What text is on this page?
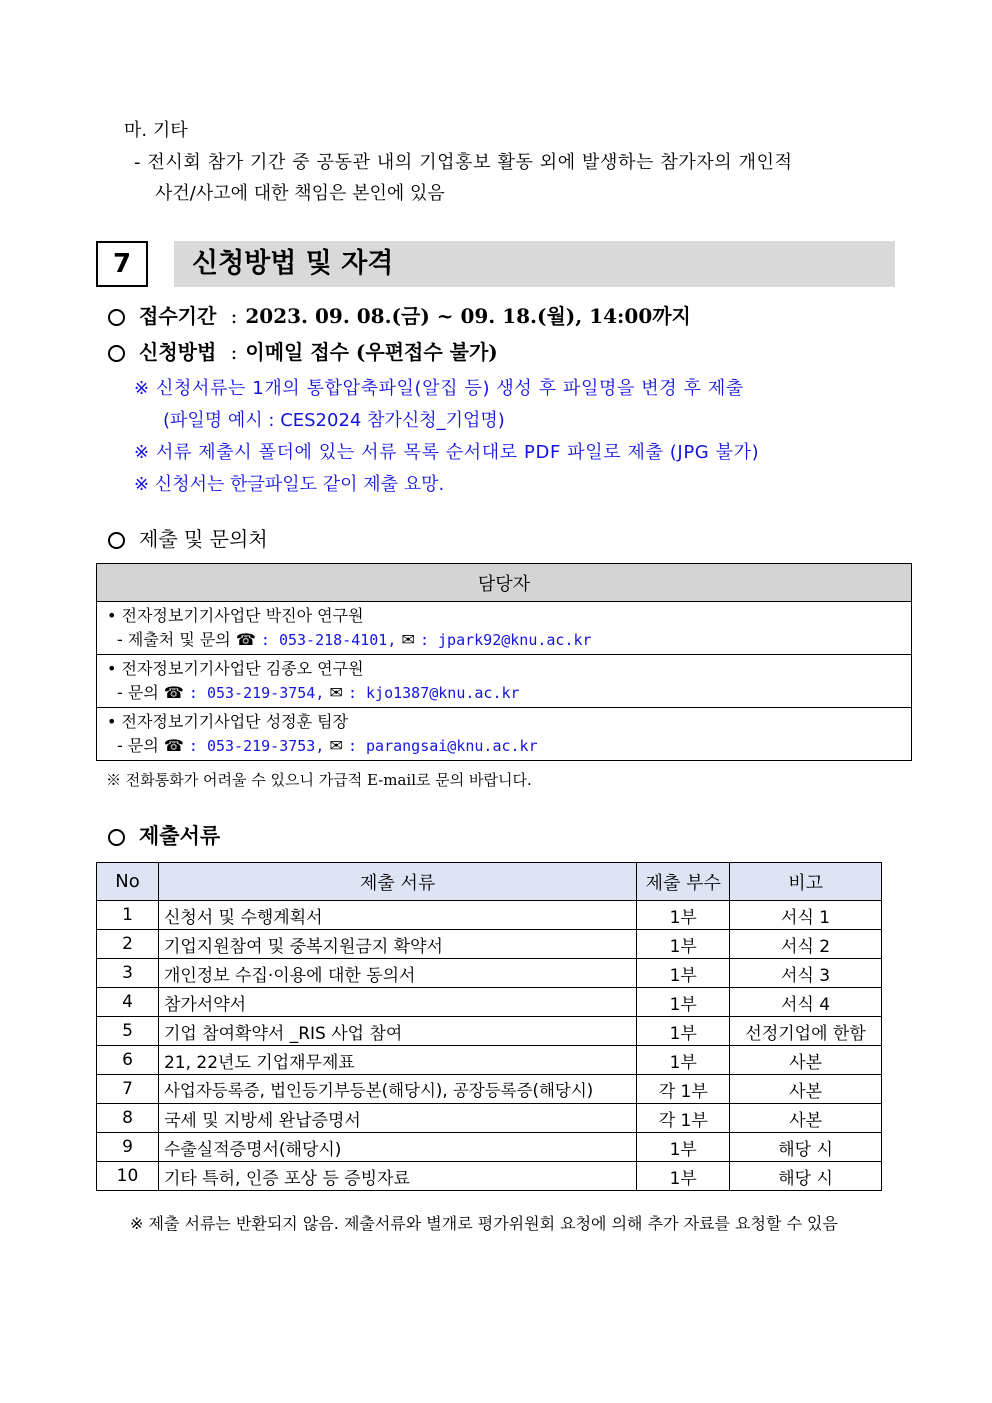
마. 기타
- 전시회 참가 기간 중 공동관 내의 기업홍보 활동 외에 발생하는 참가자의 개인적
사건/사고에 대한 책임은 본인에 있음
7	신청방법 및 자격
접수기간 : 2023. 09. 08.(금) ~ 09. 18.(월), 14:00까지
신청방법 : 이메일 접수 (우편접수 불가)
※ 신청서류는 1개의 통합압축파일(알집 등) 생성 후 파일명을 변경 후 제출
(파일명 예시 : CES2024 참가신청_기업명)
※ 서류 제출시 폴더에 있는 서류 목록 순서대로 PDF 파일로 제출 (JPG 불가)
※ 신청서는 한글파일도 같이 제출 요망.
제출 및 문의처
담당자

• 전자정보기기사업단 박진아 연구원
- 제출처 및 문의 ☎ : 053-218-4101, ✉ : jpark92@knu.ac.kr

• 전자정보기기사업단 김종오 연구원
- 문의 ☎ : 053-219-3754, ✉ : kjo1387@knu.ac.kr

• 전자정보기기사업단 성정훈 팀장
- 문의 ☎ : 053-219-3753, ✉ : parangsai@knu.ac.kr
※ 전화통화가 어려울 수 있으니 가급적 E-mail로 문의 바랍니다.
제출서류
No	제출 서류	제출 부수	비고
1	신청서 및 수행계획서	1부	서식 1
2	기업지원참여 및 중복지원금지 확약서	1부	서식 2
3	개인정보 수집·이용에 대한 동의서	1부	서식 3
4	참가서약서	1부	서식 4
5	기업 참여확약서 _RIS 사업 참여	1부	선정기업에 한함
6	21, 22년도 기업재무제표	1부	사본
7	사업자등록증, 법인등기부등본(해당시), 공장등록증(해당시)	각 1부	사본
8	국세 및 지방세 완납증명서	각 1부	사본
9	수출실적증명서(해당시)	1부	해당 시
10	기타 특허, 인증 포상 등 증빙자료	1부	해당 시
※ 제출 서류는 반환되지 않음. 제출서류와 별개로 평가위원회 요청에 의해 추가 자료를 요청할 수 있음
